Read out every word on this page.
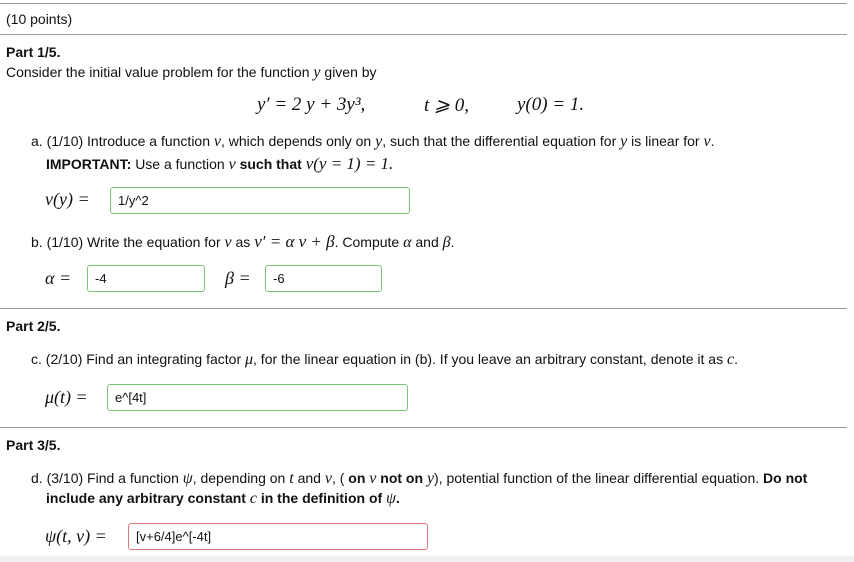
(10 points)
Part 1/5.
Consider the initial value problem for the function y given by
y′ = 2 y + 3y³,	t ⩾ 0,	y(0) = 1.
a. (1/10) Introduce a function v, which depends only on y, such that the differential equation for y is linear for v.
IMPORTANT: Use a function v such that v(y = 1) = 1.
v(y) =	1/y^2
b. (1/10) Write the equation for v as v′ = α v + β. Compute α and β.
α =	-4	β =	-6
Part 2/5.
c. (2/10) Find an integrating factor μ, for the linear equation in (b). If you leave an arbitrary constant, denote it as c.
μ(t) =	e^[4t]
Part 3/5.
d. (3/10) Find a function ψ, depending on t and v, ( on v not on y), potential function of the linear differential equation. Do not
include any arbitrary constant c in the definition of ψ.
ψ(t, v) =	[v+6/4]e^[-4t]
